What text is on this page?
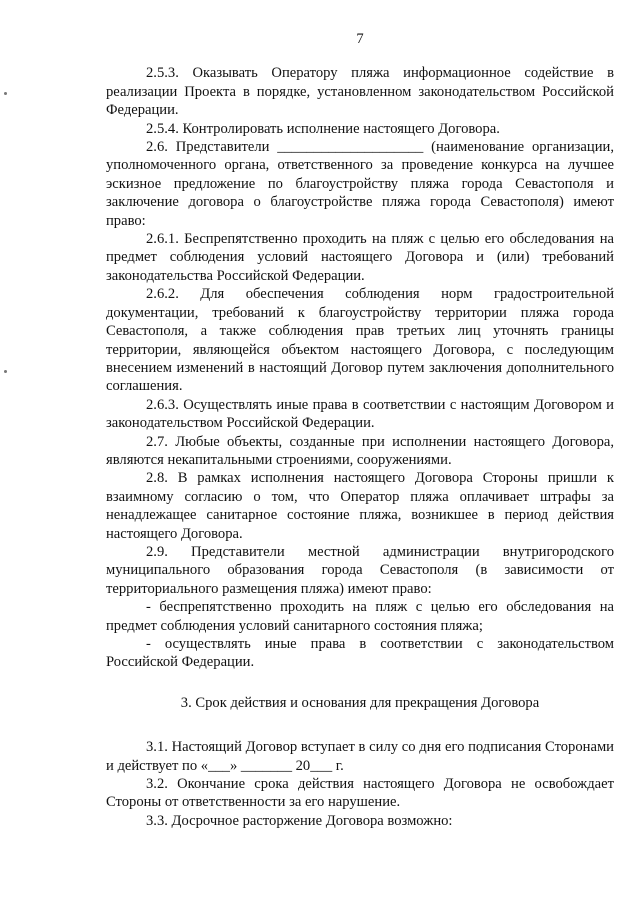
7

2.5.3. Оказывать Оператору пляжа информационное содействие в реализации Проекта в порядке, установленном законодательством Российской Федерации.

2.5.4. Контролировать исполнение настоящего Договора.

2.6. Представители ____________________ (наименование организации, уполномоченного органа, ответственного за проведение конкурса на лучшее эскизное предложение по благоустройству пляжа города Севастополя и заключение договора о благоустройстве пляжа города Севастополя) имеют право:

2.6.1. Беспрепятственно проходить на пляж с целью его обследования на предмет соблюдения условий настоящего Договора и (или) требований законодательства Российской Федерации.

2.6.2. Для обеспечения соблюдения норм градостроительной документации, требований к благоустройству территории пляжа города Севастополя, а также соблюдения прав третьих лиц уточнять границы территории, являющейся объектом настоящего Договора, с последующим внесением изменений в настоящий Договор путем заключения дополнительного соглашения.

2.6.3. Осуществлять иные права в соответствии с настоящим Договором и законодательством Российской Федерации.

2.7. Любые объекты, созданные при исполнении настоящего Договора, являются некапитальными строениями, сооружениями.

2.8. В рамках исполнения настоящего Договора Стороны пришли к взаимному согласию о том, что Оператор пляжа оплачивает штрафы за ненадлежащее санитарное состояние пляжа, возникшее в период действия настоящего Договора.

2.9. Представители местной администрации внутригородского муниципального образования города Севастополя (в зависимости от территориального размещения пляжа) имеют право:

- беспрепятственно проходить на пляж с целью его обследования на предмет соблюдения условий санитарного состояния пляжа;

- осуществлять иные права в соответствии с законодательством Российской Федерации.

3. Срок действия и основания для прекращения Договора

3.1. Настоящий Договор вступает в силу со дня его подписания Сторонами и действует по «___» _______ 20___ г.

3.2. Окончание срока действия настоящего Договора не освобождает Стороны от ответственности за его нарушение.

3.3. Досрочное расторжение Договора возможно:
